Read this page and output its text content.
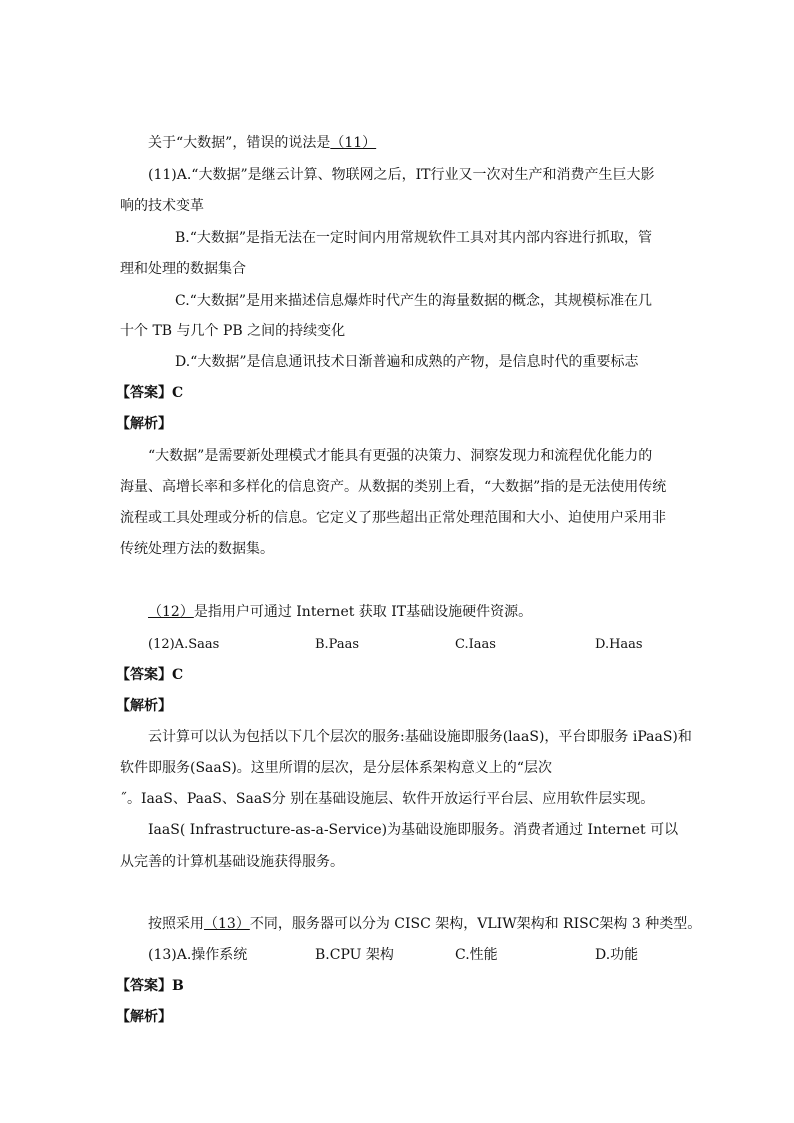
关于“大数据”，错误的说法是（11）
(11)A.“大数据”是继云计算、物联网之后，IT行业又一次对生产和消费产生巨大影
响的技术变革
B.“大数据”是指无法在一定时间内用常规软件工具对其内部内容进行抓取，管
理和处理的数据集合
C.“大数据”是用来描述信息爆炸时代产生的海量数据的概念，其规模标准在几
十个 TB 与几个 PB 之间的持续变化
D.“大数据”是信息通讯技术日渐普遍和成熟的产物，是信息时代的重要标志
【答案】C
【解析】
“大数据”是需要新处理模式才能具有更强的决策力、洞察发现力和流程优化能力的
海量、高增长率和多样化的信息资产。从数据的类别上看，“大数据”指的是无法使用传统
流程或工具处理或分析的信息。它定义了那些超出正常处理范围和大小、迫使用户采用非
传统处理方法的数据集。
（12）是指用户可通过 Internet 获取 IT基础设施硬件资源。
(12)A.Saas	B.Paas	C.Iaas	D.Haas
【答案】C
【解析】
云计算可以认为包括以下几个层次的服务:基础设施即服务(laaS)，平台即服务 iPaaS)和
软件即服务(SaaS)。这里所谓的层次，是分层体系架构意义上的“层次
˝。IaaS、PaaS、SaaS分 别在基础设施层、软件开放运行平台层、应用软件层实现。
IaaS( Infrastructure-as-a-Service)为基础设施即服务。消费者通过 Internet 可以
从完善的计算机基础设施获得服务。
按照采用（13）不同，服务器可以分为 CISC 架构，VLIW架构和 RISC架构 3 种类型。
(13)A.操作系统	B.CPU 架构	C.性能	D.功能
【答案】B
【解析】
